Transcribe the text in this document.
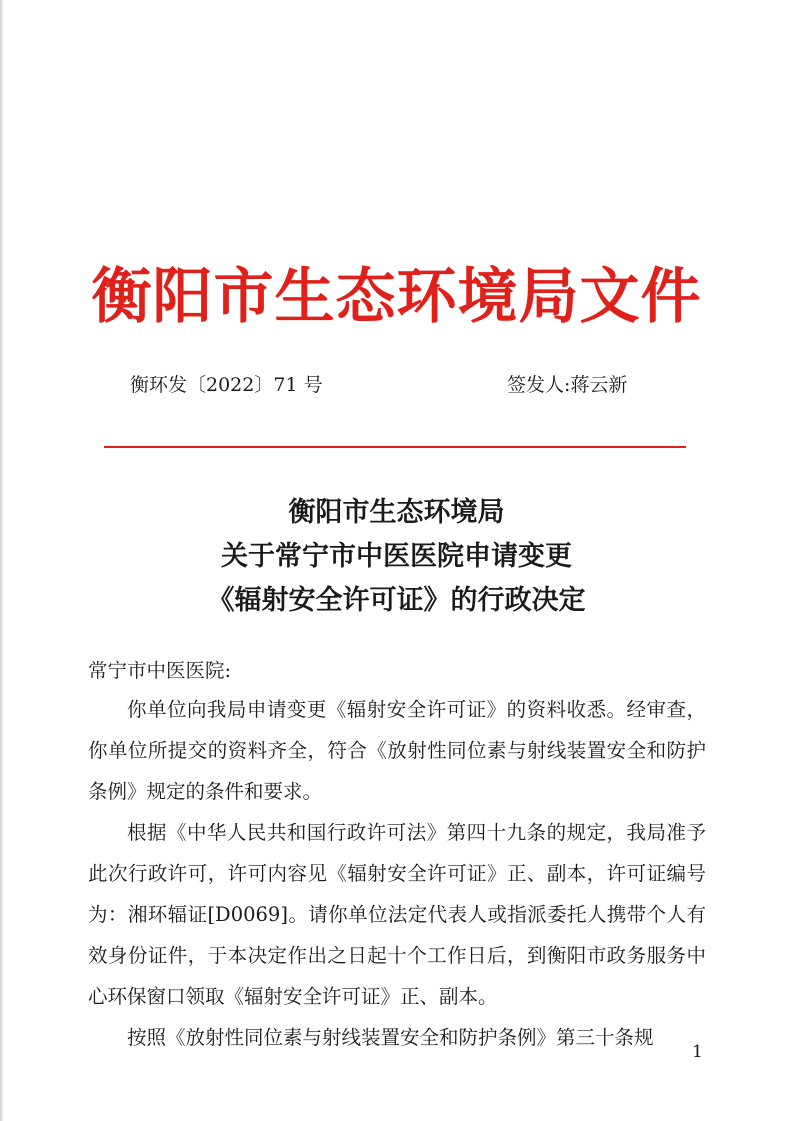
衡阳市生态环境局文件
衡环发〔2022〕71 号	签发人:蒋云新
衡阳市生态环境局
关于常宁市中医医院申请变更
《辐射安全许可证》的行政决定
常宁市中医医院:

你单位向我局申请变更《辐射安全许可证》的资料收悉。经审查，你单位所提交的资料齐全，符合《放射性同位素与射线装置安全和防护条例》规定的条件和要求。

根据《中华人民共和国行政许可法》第四十九条的规定，我局准予此次行政许可，许可内容见《辐射安全许可证》正、副本，许可证编号为：湘环辐证[D0069]。请你单位法定代表人或指派委托人携带个人有效身份证件，于本决定作出之日起十个工作日后，到衡阳市政务服务中心环保窗口领取《辐射安全许可证》正、副本。

按照《放射性同位素与射线装置安全和防护条例》第三十条规

1
